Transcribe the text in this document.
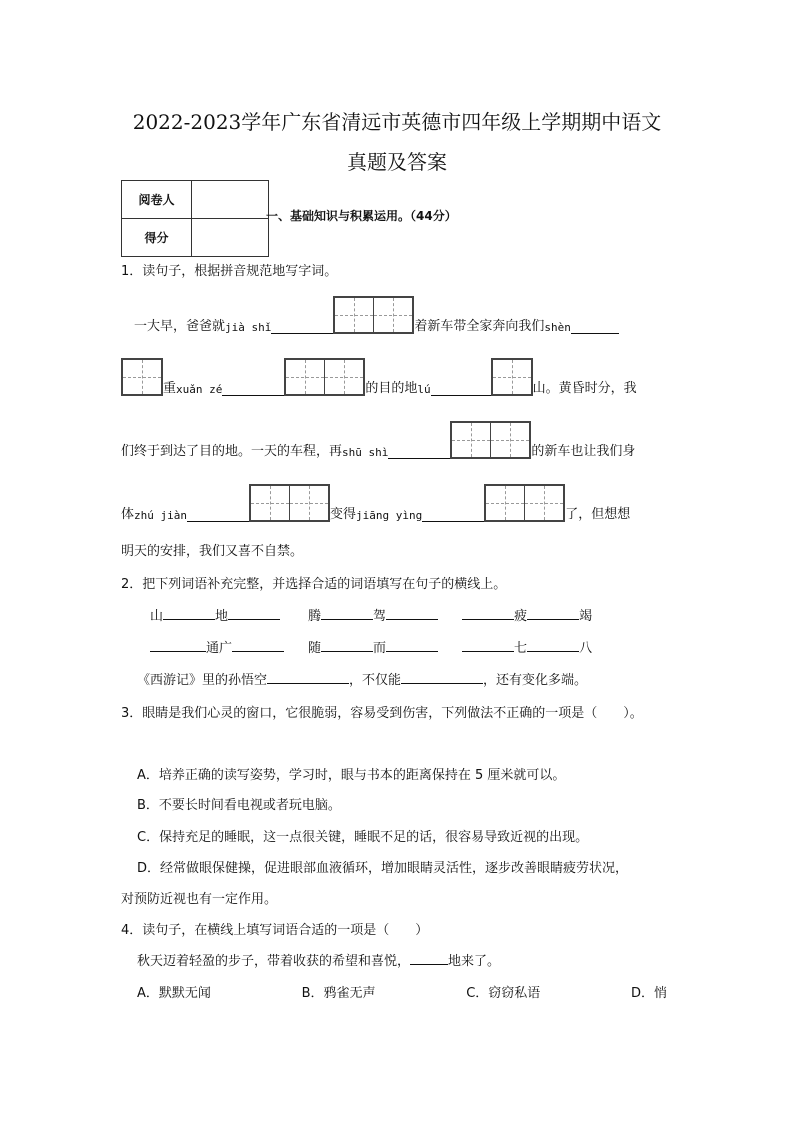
2022-2023学年广东省清远市英德市四年级上学期期中语文
真题及答案
阅卷人	
得分	
一、基础知识与积累运用。（44分）
1．读句子，根据拼音规范地写字词。
　一大早，爸爸就 jià shǐ	着新车带全家奔向我们 shèn
重 xuǎn zé	的目的地 lú	山。黄昏时分，我
们终于到达了目的地。一天的车程，再 shū shì	的新车也让我们身
体 zhú jiàn	变得 jiāng yìng	了，但想想
明天的安排，我们又喜不自禁。
2．把下列词语补充完整，并选择合适的词语填写在句子的横线上。
山	地	腾	驾	疲	竭
通广	随	而	七	八
《西游记》里的孙悟空	，不仅能	，还有变化多端。
3．眼睛是我们心灵的窗口，它很脆弱，容易受到伤害，下列做法不正确的一项是（　　）。
A．培养正确的读写姿势，学习时，眼与书本的距离保持在 5 厘米就可以。
B．不要长时间看电视或者玩电脑。
C．保持充足的睡眠，这一点很关键，睡眠不足的话，很容易导致近视的出现。
D．经常做眼保健操，促进眼部血液循环，增加眼睛灵活性，逐步改善眼睛疲劳状况，
对预防近视也有一定作用。
4．读句子，在横线上填写词语合适的一项是（　　）
秋天迈着轻盈的步子，带着收获的希望和喜悦，	地来了。
A．默默无闻	B．鸦雀无声	C．窃窃私语	D．悄
